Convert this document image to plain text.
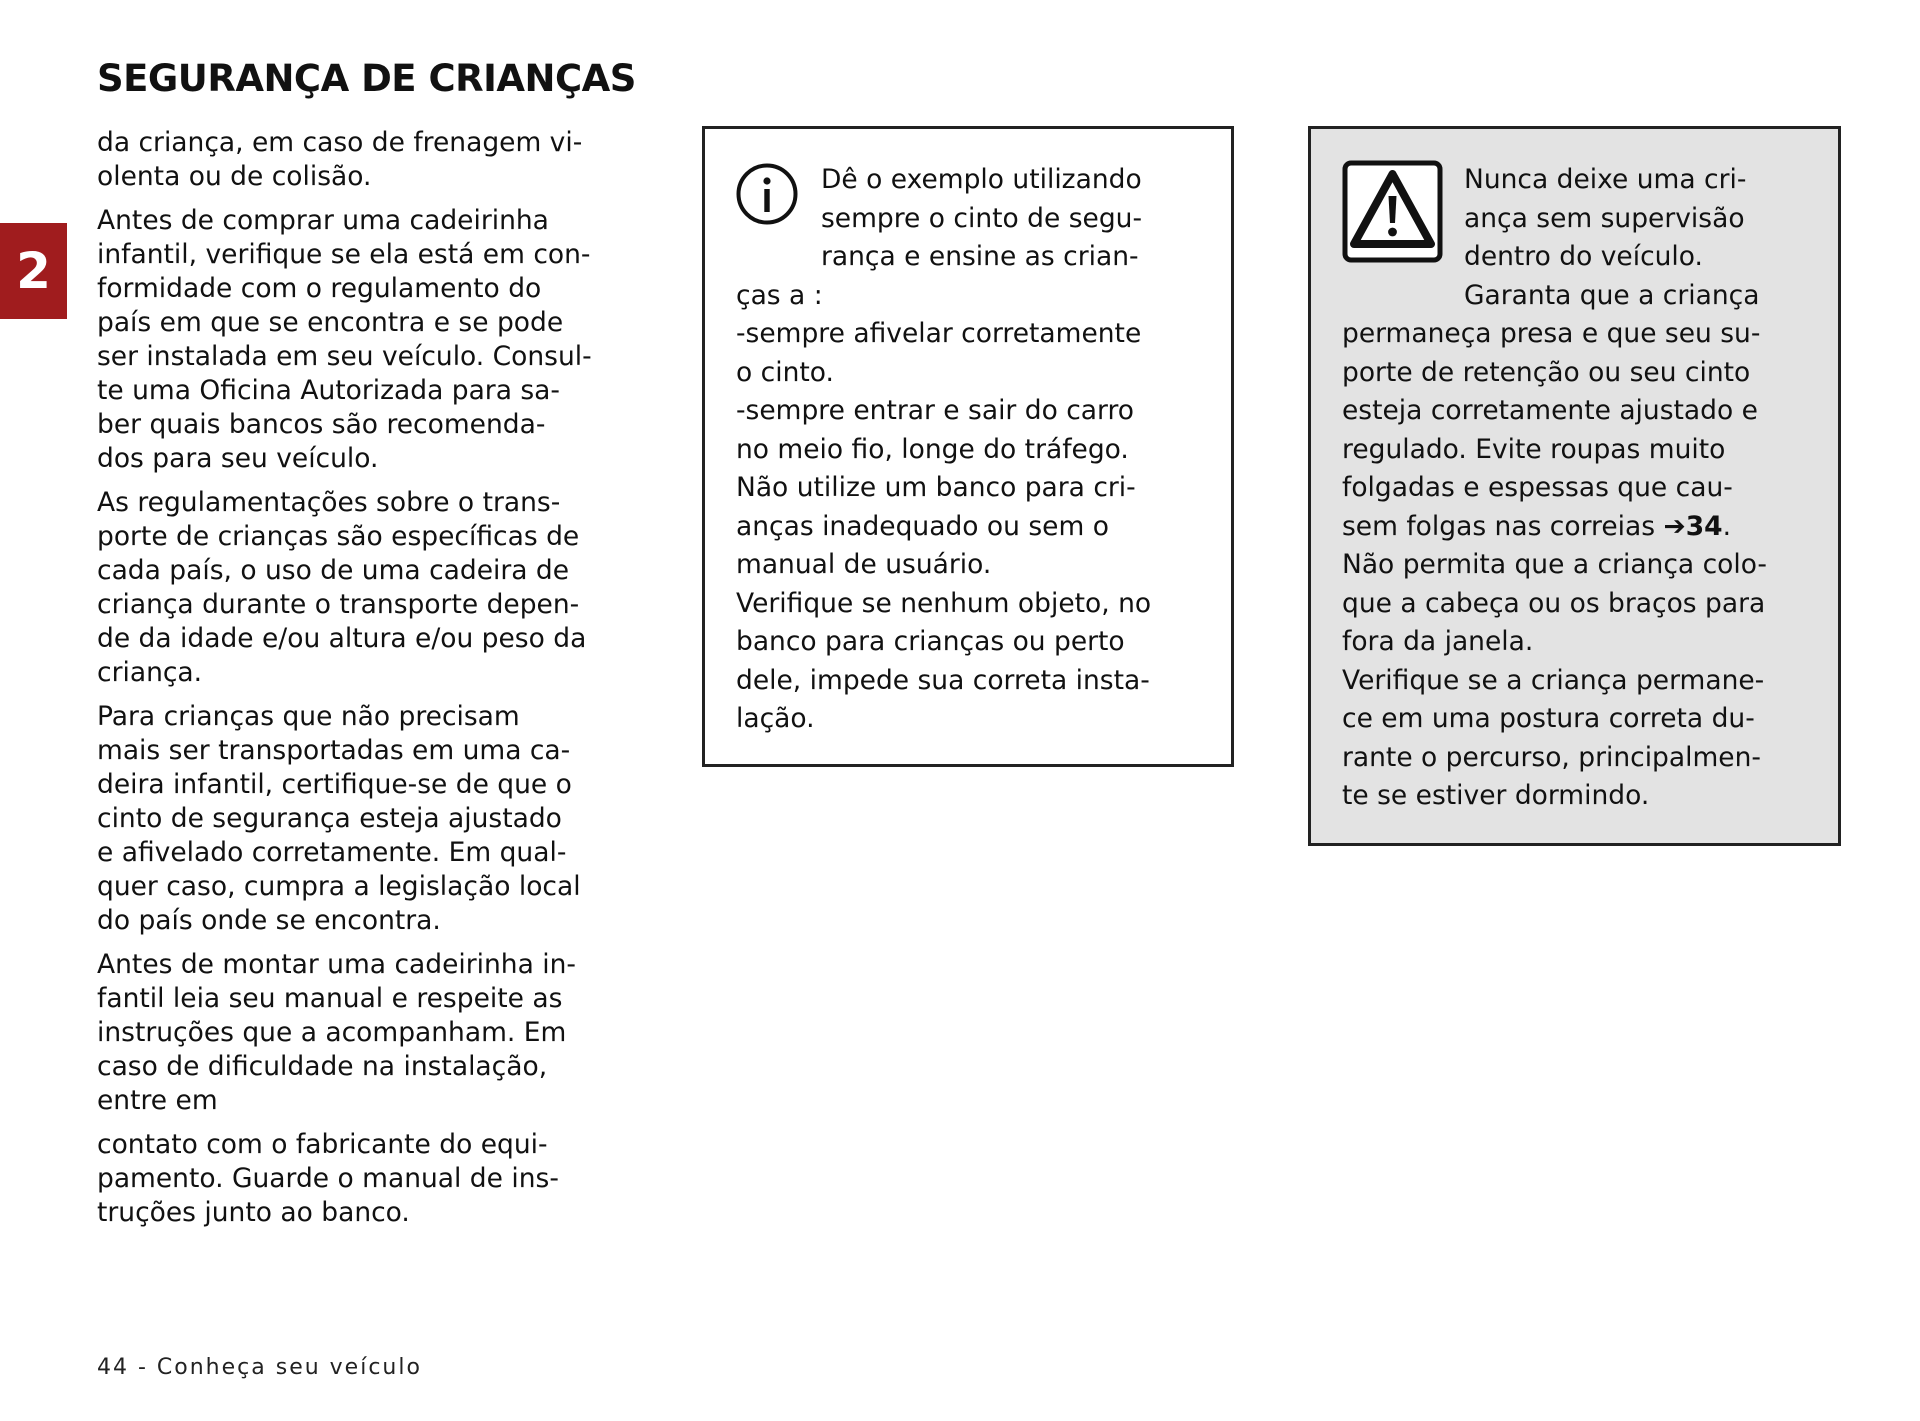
SEGURANÇA DE CRIANÇAS
2

da criança, em caso de frenagem vi-
olenta ou de colisão.

Antes de comprar uma cadeirinha
infantil, verifique se ela está em con-
formidade com o regulamento do
país em que se encontra e se pode
ser instalada em seu veículo. Consul-
te uma Oficina Autorizada para sa-
ber quais bancos são recomenda-
dos para seu veículo.

As regulamentações sobre o trans-
porte de crianças são específicas de
cada país, o uso de uma cadeira de
criança durante o transporte depen-
de da idade e/ou altura e/ou peso da
criança.

Para crianças que não precisam
mais ser transportadas em uma ca-
deira infantil, certifique-se de que o
cinto de segurança esteja ajustado
e afivelado corretamente. Em qual-
quer caso, cumpra a legislação local
do país onde se encontra.

Antes de montar uma cadeirinha in-
fantil leia seu manual e respeite as
instruções que a acompanham. Em
caso de dificuldade na instalação,
entre em

contato com o fabricante do equi-
pamento. Guarde o manual de ins-
truções junto ao banco.

Dê o exemplo utilizando
sempre o cinto de segu-
rança e ensine as crian-
ças a :
-sempre afivelar corretamente
o cinto.
-sempre entrar e sair do carro
no meio fio, longe do tráfego.
Não utilize um banco para cri-
anças inadequado ou sem o
manual de usuário.
Verifique se nenhum objeto, no
banco para crianças ou perto
dele, impede sua correta insta-
lação.
Nunca deixe uma cri-
ança sem supervisão
dentro do veículo.
Garanta que a criança
permaneça presa e que seu su-
porte de retenção ou seu cinto
esteja corretamente ajustado e
regulado. Evite roupas muito
folgadas e espessas que cau-
sem folgas nas correias ➔34.
Não permita que a criança colo-
que a cabeça ou os braços para
fora da janela.
Verifique se a criança permane-
ce em uma postura correta du-
rante o percurso, principalmen-
te se estiver dormindo.
44 - Conheça seu veículo
